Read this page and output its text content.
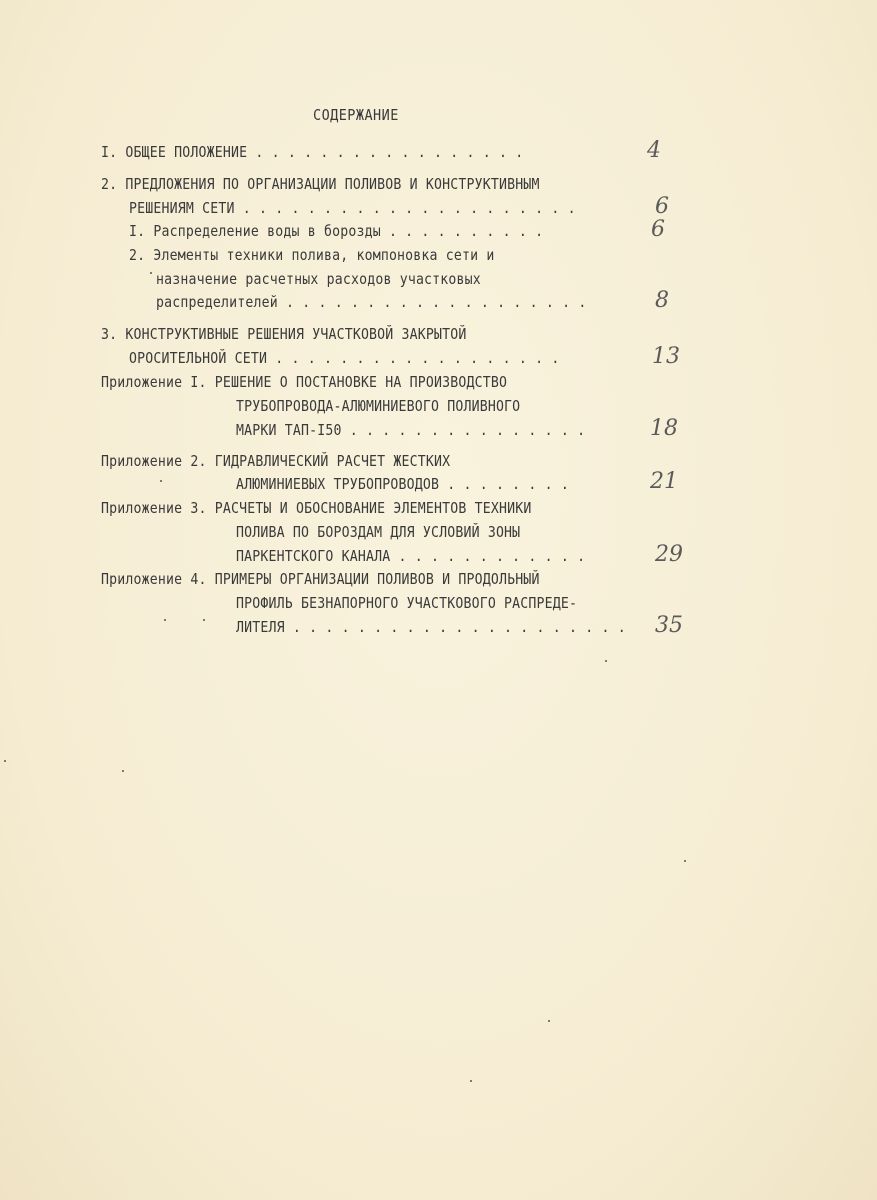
СОДЕРЖАНИЕ
I. ОБЩЕЕ ПОЛОЖЕНИЕ . . . . . . . . . . . . . . . . .	4
2. ПРЕДЛОЖЕНИЯ ПО ОРГАНИЗАЦИИ ПОЛИВОВ И КОНСТРУКТИВНЫМ
РЕШЕНИЯМ СЕТИ . . . . . . . . . . . . . . . . . . . . .	6
I. Распределение воды в борозды . . . . . . . . . .	6
2. Элементы техники полива, компоновка сети и
назначение расчетных расходов участковых
распределителей . . . . . . . . . . . . . . . . . . .	8
3. КОНСТРУКТИВНЫЕ РЕШЕНИЯ УЧАСТКОВОЙ ЗАКРЫТОЙ
ОРОСИТЕЛЬНОЙ СЕТИ . . . . . . . . . . . . . . . . . .	13
Приложение I. РЕШЕНИЕ О ПОСТАНОВКЕ НА ПРОИЗВОДСТВО
ТРУБОПРОВОДА-АЛЮМИНИЕВОГО ПОЛИВНОГО
МАРКИ ТАП-I50 . . . . . . . . . . . . . . .	18
Приложение 2. ГИДРАВЛИЧЕСКИЙ РАСЧЕТ ЖЕСТКИХ
АЛЮМИНИЕВЫХ ТРУБОПРОВОДОВ . . . . . . . .	21
Приложение 3. РАСЧЕТЫ И ОБОСНОВАНИЕ ЭЛЕМЕНТОВ ТЕХНИКИ
ПОЛИВА ПО БОРОЗДАМ ДЛЯ УСЛОВИЙ ЗОНЫ
ПАРКЕНТСКОГО КАНАЛА . . . . . . . . . . . .	29
Приложение 4. ПРИМЕРЫ ОРГАНИЗАЦИИ ПОЛИВОВ И ПРОДОЛЬНЫЙ
ПРОФИЛЬ БЕЗНАПОРНОГО УЧАСТКОВОГО РАСПРЕДЕ-
ЛИТЕЛЯ . . . . . . . . . . . . . . . . . . . . . 35
